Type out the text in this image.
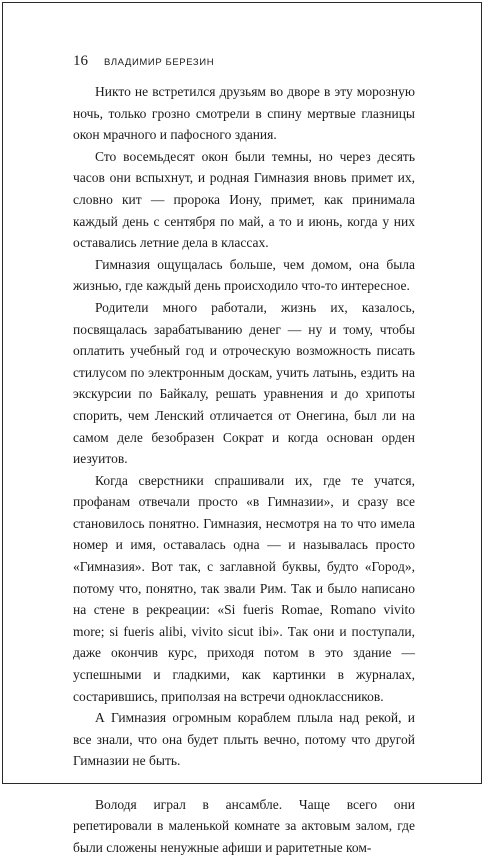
16 ВЛАДИМИР БЕРЕЗИН

Никто не встретился друзьям во дворе в эту морозную ночь, только грозно смотрели в спину мертвые глазницы окон мрачного и пафосного здания.

Сто восемьдесят окон были темны, но через десять часов они вспыхнут, и родная Гимназия вновь примет их, словно кит — пророка Иону, примет, как принимала каждый день с сентября по май, а то и июнь, когда у них оставались летние дела в классах.

Гимназия ощущалась больше, чем домом, она была жизнью, где каждый день происходило что-то интересное.

Родители много работали, жизнь их, казалось, посвящалась зарабатыванию денег — ну и тому, чтобы оплатить учебный год и отроческую возможность писать стилусом по электронным доскам, учить латынь, ездить на экскурсии по Байкалу, решать уравнения и до хрипоты спорить, чем Ленский отличается от Онегина, был ли на самом деле безобразен Сократ и когда основан орден иезуитов.

Когда сверстники спрашивали их, где те учатся, профанам отвечали просто «в Гимназии», и сразу все становилось понятно. Гимназия, несмотря на то что имела номер и имя, оставалась одна — и называлась просто «Гимназия». Вот так, с заглавной буквы, будто «Город», потому что, понятно, так звали Рим. Так и было написано на стене в рекреации: «Si fueris Romae, Romano vivito more; si fueris alibi, vivito sicut ibi». Так они и поступали, даже окончив курс, приходя потом в это здание — успешными и гладкими, как картинки в журналах, состарившись, приползая на встречи одноклассников.

А Гимназия огромным кораблем плыла над рекой, и все знали, что она будет плыть вечно, потому что другой Гимназии не быть.

Володя играл в ансамбле. Чаще всего они репетировали в маленькой комнате за актовым залом, где были сложены ненужные афиши и раритетные ком-
